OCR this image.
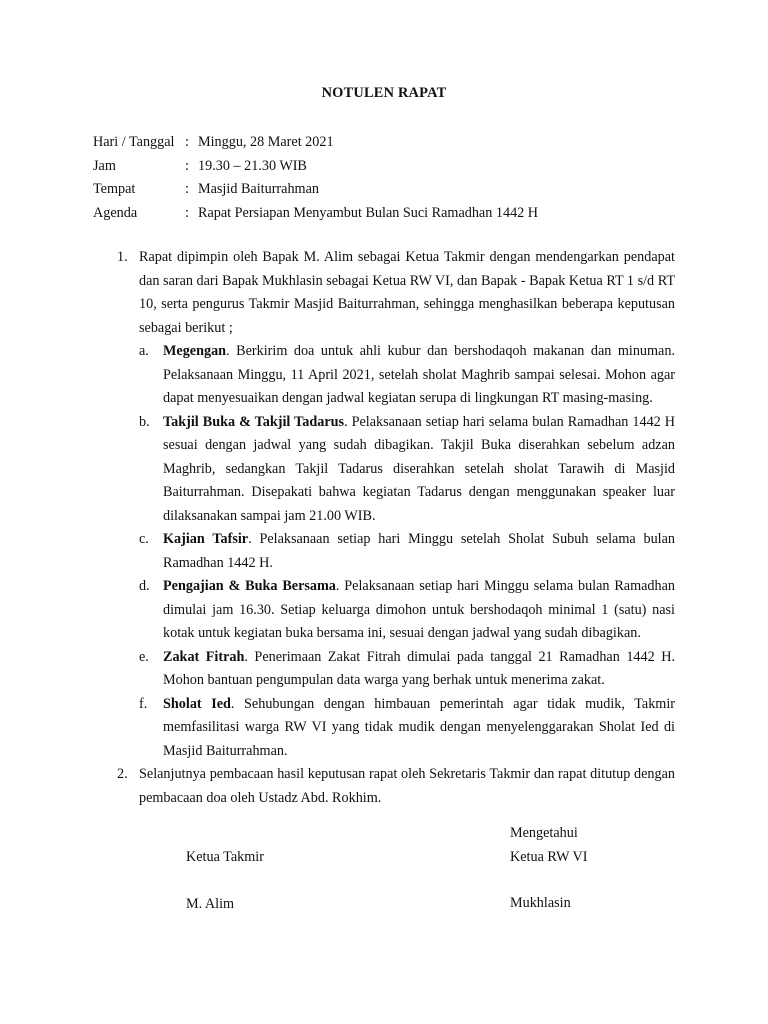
NOTULEN RAPAT
Hari / Tanggal : Minggu, 28 Maret 2021
Jam	: 19.30 – 21.30 WIB
Tempat	: Masjid Baiturrahman
Agenda	: Rapat Persiapan Menyambut Bulan Suci Ramadhan 1442 H
1. Rapat dipimpin oleh Bapak M. Alim sebagai Ketua Takmir dengan mendengarkan pendapat dan saran dari Bapak Mukhlasin sebagai Ketua RW VI, dan Bapak - Bapak Ketua RT 1 s/d RT 10, serta pengurus Takmir Masjid Baiturrahman, sehingga menghasilkan beberapa keputusan sebagai berikut ;
a. Megengan. Berkirim doa untuk ahli kubur dan bershodaqoh makanan dan minuman. Pelaksanaan Minggu, 11 April 2021, setelah sholat Maghrib sampai selesai. Mohon agar dapat menyesuaikan dengan jadwal kegiatan serupa di lingkungan RT masing-masing.
b. Takjil Buka & Takjil Tadarus. Pelaksanaan setiap hari selama bulan Ramadhan 1442 H sesuai dengan jadwal yang sudah dibagikan. Takjil Buka diserahkan sebelum adzan Maghrib, sedangkan Takjil Tadarus diserahkan setelah sholat Tarawih di Masjid Baiturrahman. Disepakati bahwa kegiatan Tadarus dengan menggunakan speaker luar dilaksanakan sampai jam 21.00 WIB.
c. Kajian Tafsir. Pelaksanaan setiap hari Minggu setelah Sholat Subuh selama bulan Ramadhan 1442 H.
d. Pengajian & Buka Bersama. Pelaksanaan setiap hari Minggu selama bulan Ramadhan dimulai jam 16.30. Setiap keluarga dimohon untuk bershodaqoh minimal 1 (satu) nasi kotak untuk kegiatan buka bersama ini, sesuai dengan jadwal yang sudah dibagikan.
e. Zakat Fitrah. Penerimaan Zakat Fitrah dimulai pada tanggal 21 Ramadhan 1442 H. Mohon bantuan pengumpulan data warga yang berhak untuk menerima zakat.
f. Sholat Ied. Sehubungan dengan himbauan pemerintah agar tidak mudik, Takmir memfasilitasi warga RW VI yang tidak mudik dengan menyelenggarakan Sholat Ied di Masjid Baiturrahman.
2. Selanjutnya pembacaan hasil keputusan rapat oleh Sekretaris Takmir dan rapat ditutup dengan pembacaan doa oleh Ustadz Abd. Rokhim.
Ketua Takmir
M. Alim
Mengetahui
Ketua RW VI
Mukhlasin
